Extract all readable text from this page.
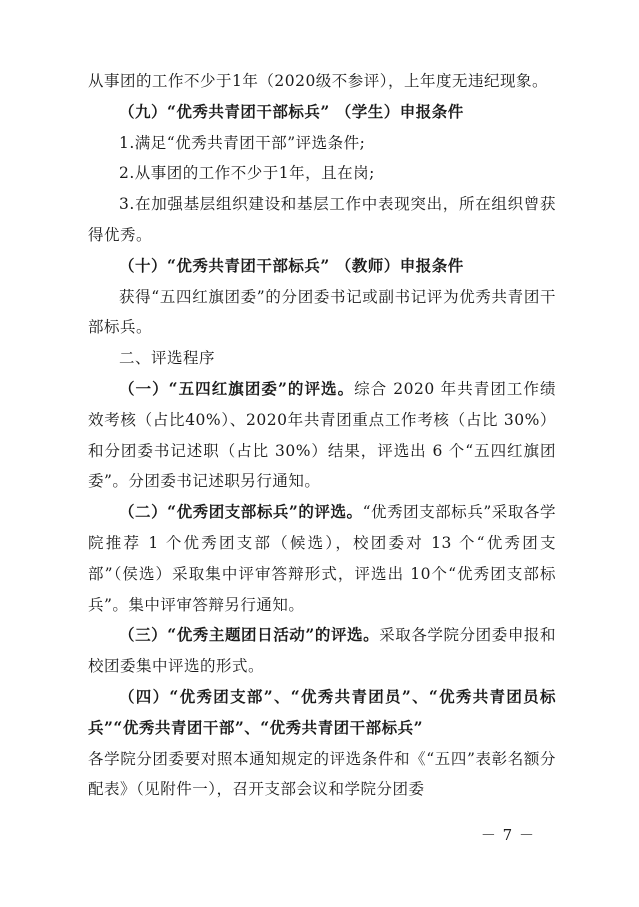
从事团的工作不少于1年（2020级不参评），上年度无违纪现象。

（九）“优秀共青团干部标兵” （学生）申报条件

1.满足“优秀共青团干部”评选条件;

2.从事团的工作不少于1年，且在岗;

3.在加强基层组织建设和基层工作中表现突出，所在组织曾获得优秀。

（十）“优秀共青团干部标兵” （教师）申报条件

获得“五四红旗团委”的分团委书记或副书记评为优秀共青团干部标兵。

二、评选程序

（一）“五四红旗团委”的评选。综合 2020 年共青团工作绩效考核（占比40%）、2020年共青团重点工作考核（占比 30%）和分团委书记述职（占比 30%）结果，评选出 6 个“五四红旗团委”。分团委书记述职另行通知。

（二）“优秀团支部标兵”的评选。“优秀团支部标兵”采取各学院推荐 1 个优秀团支部（候选），校团委对 13 个“优秀团支部”（侯选）采取集中评审答辩形式，评选出 10个“优秀团支部标兵”。集中评审答辩另行通知。

（三）“优秀主题团日活动”的评选。采取各学院分团委申报和校团委集中评选的形式。

（四）“优秀团支部”、“优秀共青团员”、“优秀共青团员标兵”“优秀共青团干部”、“优秀共青团干部标兵”

各学院分团委要对照本通知规定的评选条件和《“五四”表彰名额分配表》（见附件一），召开支部会议和学院分团委

－ 7 －
